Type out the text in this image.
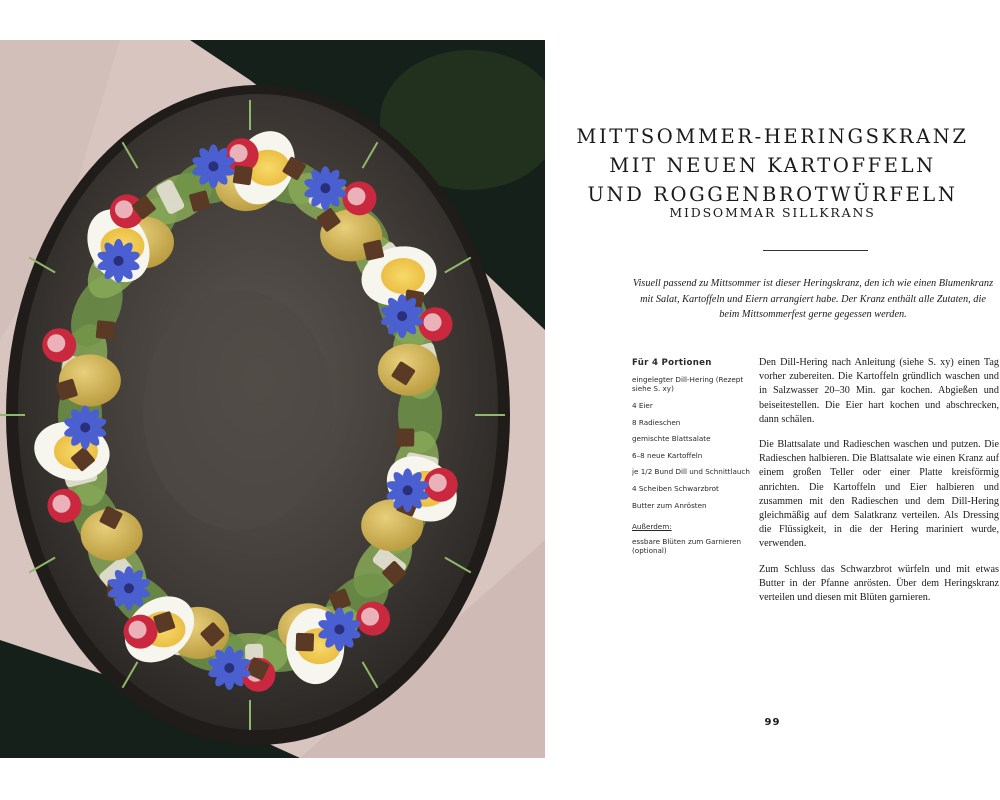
MITTSOMMER-HERINGSKRANZ
MIT NEUEN KARTOFFELN
UND ROGGENBROTWÜRFELN
MIDSOMMAR SILLKRANS
Visuell passend zu Mittsommer ist dieser Heringskranz, den ich wie einen Blumenkranz mit Salat, Kartoffeln und Eiern arrangiert habe. Der Kranz enthält alle Zutaten, die beim Mittsommerfest gerne gegessen werden.
Für 4 Portionen
eingelegter Dill-Hering (Rezept siehe S. xy)
4 Eier
8 Radieschen
gemischte Blattsalate
6–8 neue Kartoffeln
je 1/2 Bund Dill und Schnittlauch
4 Scheiben Schwarzbrot
Butter zum Anrösten
Außerdem:
essbare Blüten zum Garnieren (optional)

Den Dill-Hering nach Anleitung (siehe S. xy) einen Tag vorher zubereiten. Die Kartoffeln gründlich waschen und in Salzwasser 20–30 Min. gar kochen. Abgießen und beiseitestellen. Die Eier hart kochen und abschrecken, dann schälen.

Die Blattsalate und Radieschen waschen und putzen. Die Radieschen halbieren. Die Blattsalate wie einen Kranz auf einem großen Teller oder einer Platte kreisförmig anrichten. Die Kartoffeln und Eier halbieren und zusammen mit den Radieschen und dem Dill-Hering gleichmäßig auf dem Salatkranz verteilen. Als Dressing die Flüssigkeit, in die der Hering mariniert wurde, verwenden.

Zum Schluss das Schwarzbrot würfeln und mit etwas Butter in der Pfanne anrösten. Über dem Heringskranz verteilen und diesen mit Blüten garnieren.

99
